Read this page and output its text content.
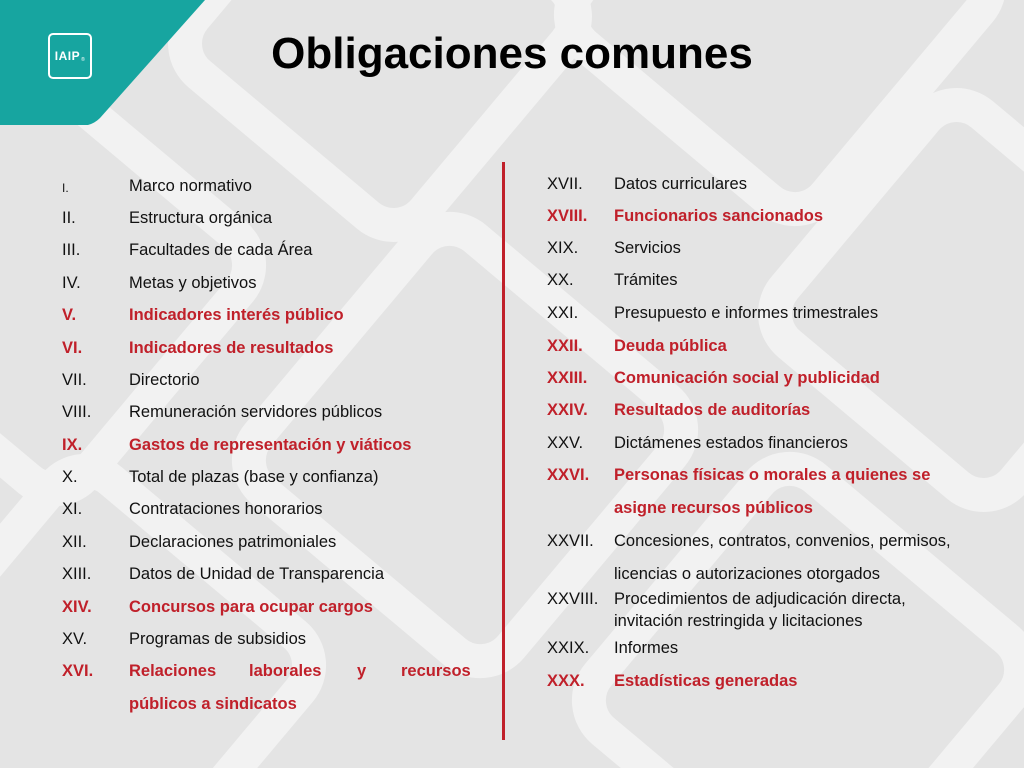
IAIP ®	Obligaciones comunes
I.	Marco normativo
II.	Estructura orgánica
III.	Facultades de cada Área
IV.	Metas y objetivos
V.	Indicadores interés público
VI.	Indicadores de resultados
VII.	Directorio
VIII. Remuneración servidores públicos
IX.	Gastos de representación y viáticos
X.	Total de plazas (base y confianza)
XI.	Contrataciones honorarios
XII.	Declaraciones patrimoniales
XIII. Datos de Unidad de Transparencia
XIV. Concursos para ocupar cargos
XV.	Programas de subsidios
XVI. Relaciones laborales y recursos
públicos a sindicatos
XVII. Datos curriculares
XVIII. Funcionarios sancionados
XIX. Servicios
XX. Trámites
XXI. Presupuesto e informes trimestrales
XXII. Deuda pública
XXIII. Comunicación social y publicidad
XXIV. Resultados de auditorías
XXV. Dictámenes estados financieros
XXVI. Personas físicas o morales a quienes se
asigne recursos públicos
XXVII. Concesiones, contratos, convenios, permisos,
licencias o autorizaciones otorgados
XXVIII. Procedimientos de adjudicación directa,
invitación restringida y licitaciones
XXIX. Informes
XXX. Estadísticas generadas
